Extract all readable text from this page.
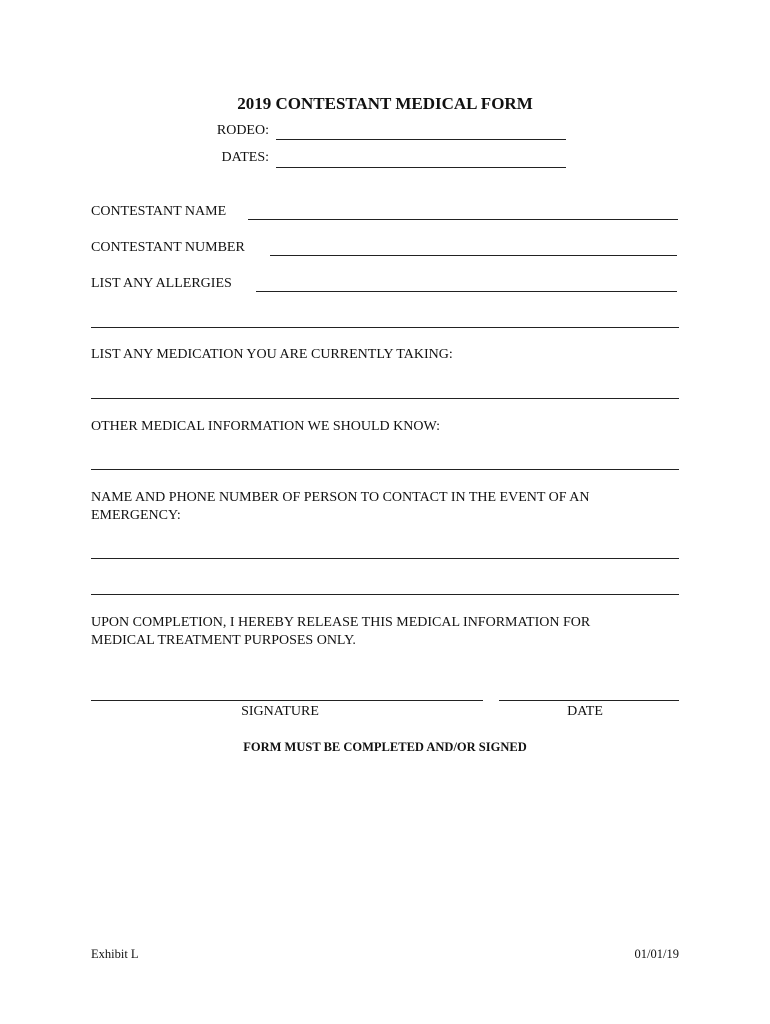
2019 CONTESTANT MEDICAL FORM
RODEO:
DATES:
CONTESTANT NAME
CONTESTANT NUMBER
LIST ANY ALLERGIES
LIST ANY MEDICATION YOU ARE CURRENTLY TAKING:
OTHER MEDICAL INFORMATION WE SHOULD KNOW:
NAME AND PHONE NUMBER OF PERSON TO CONTACT IN THE EVENT OF AN
EMERGENCY:
UPON COMPLETION, I HEREBY RELEASE THIS MEDICAL INFORMATION FOR
MEDICAL TREATMENT PURPOSES ONLY.
SIGNATURE	DATE
FORM MUST BE COMPLETED AND/OR SIGNED
Exhibit L	01/01/19
